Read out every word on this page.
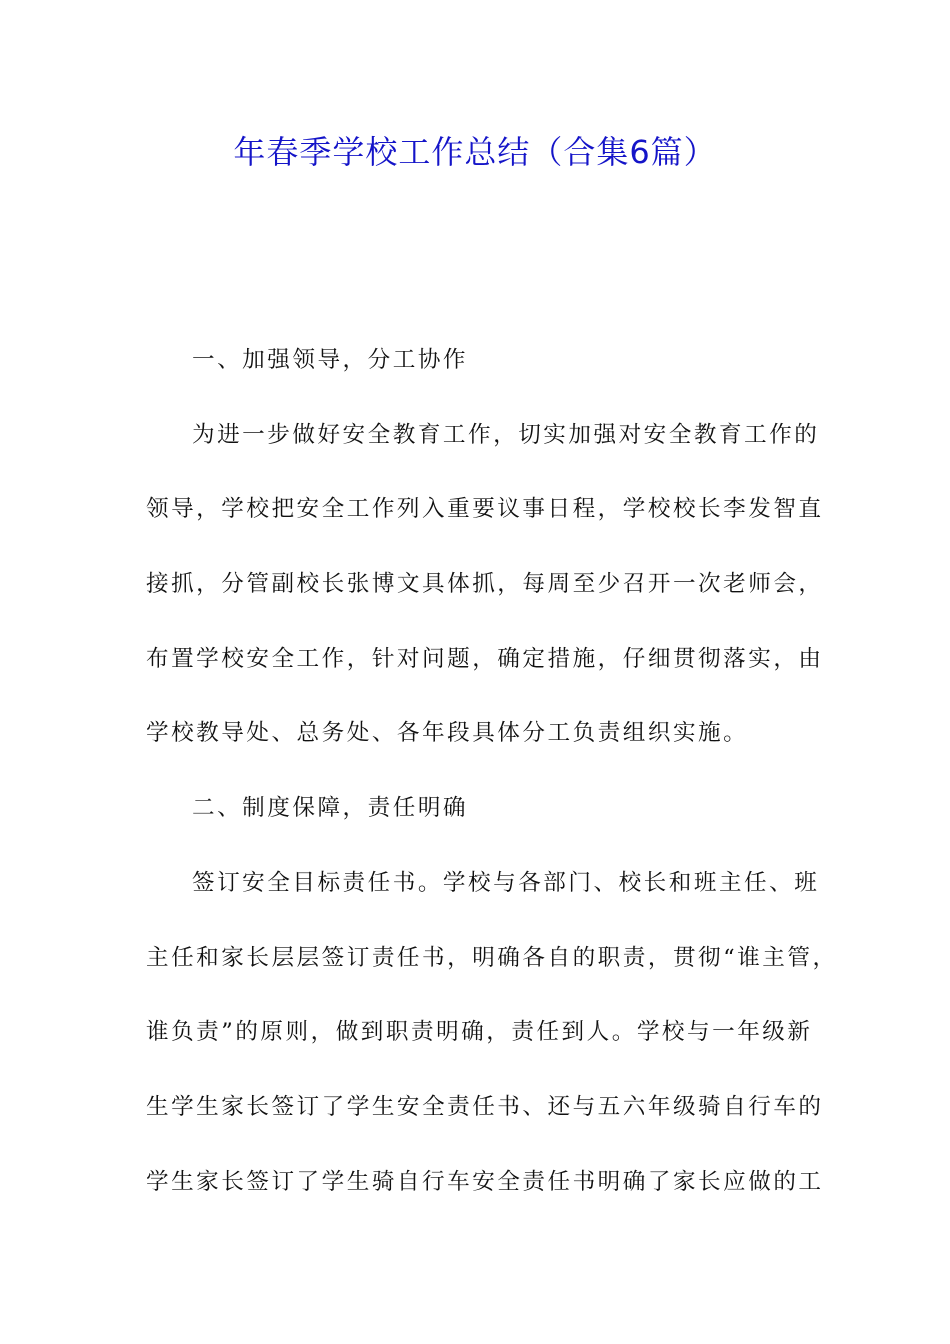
年春季学校工作总结（合集6篇）
一、加强领导，分工协作
为进一步做好安全教育工作，切实加强对安全教育工作的
领导，学校把安全工作列入重要议事日程，学校校长李发智直
接抓，分管副校长张博文具体抓，每周至少召开一次老师会，
布置学校安全工作，针对问题，确定措施，仔细贯彻落实，由
学校教导处、总务处、各年段具体分工负责组织实施。
二、制度保障，责任明确
签订安全目标责任书。学校与各部门、校长和班主任、班
主任和家长层层签订责任书，明确各自的职责，贯彻“谁主管，
谁负责”的原则，做到职责明确，责任到人。学校与一年级新
生学生家长签订了学生安全责任书、还与五六年级骑自行车的
学生家长签订了学生骑自行车安全责任书明确了家长应做的工
